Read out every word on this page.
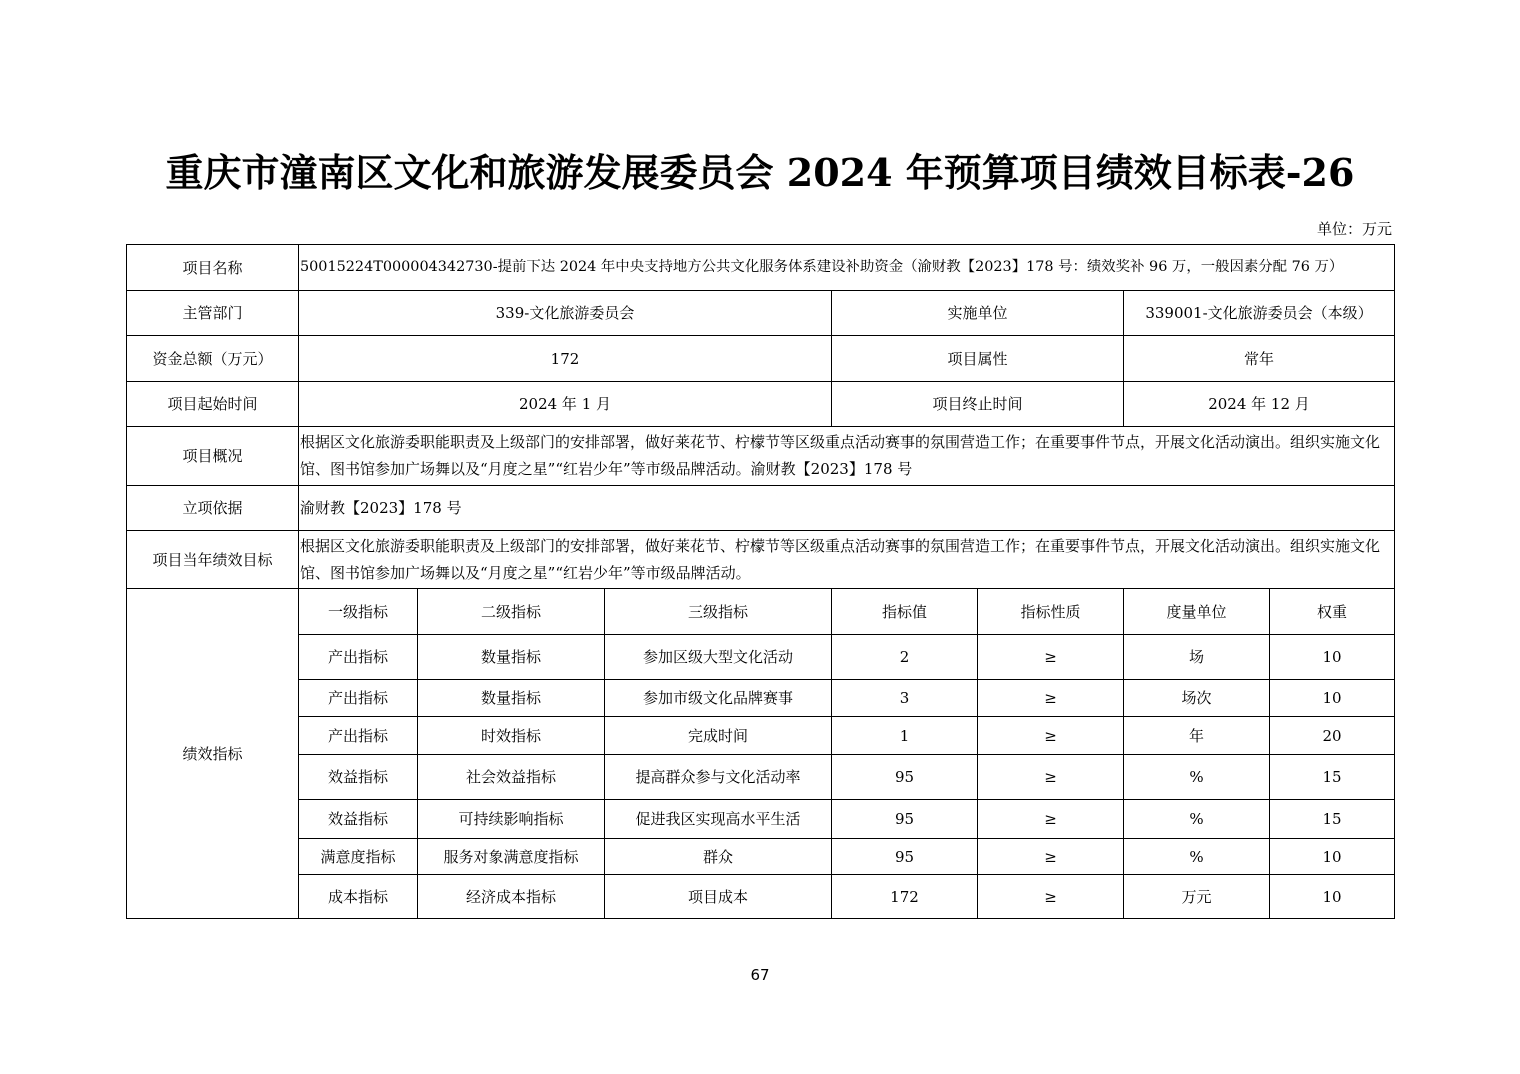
重庆市潼南区文化和旅游发展委员会 2024 年预算项目绩效目标表-26
单位：万元
项目名称	50015224T000004342730-提前下达 2024 年中央支持地方公共文化服务体系建设补助资金（渝财教【2023】178 号：绩效奖补 96 万，一般因素分配 76 万）						
主管部门	339-文化旅游委员会			实施单位		339001-文化旅游委员会（本级）	
资金总额（万元）	172			项目属性		常年	
项目起始时间	2024 年 1 月			项目终止时间		2024 年 12 月	
项目概况	根据区文化旅游委职能职责及上级部门的安排部署，做好莱花节、柠檬节等区级重点活动赛事的氛围营造工作；在重要事件节点，开展文化活动演出。组织实施文化馆、图书馆参加广场舞以及“月度之星”“红岩少年”等市级品牌活动。渝财教【2023】178 号						
立项依据	渝财教【2023】178 号						
项目当年绩效目标	根据区文化旅游委职能职责及上级部门的安排部署，做好莱花节、柠檬节等区级重点活动赛事的氛围营造工作；在重要事件节点，开展文化活动演出。组织实施文化馆、图书馆参加广场舞以及“月度之星”“红岩少年”等市级品牌活动。						
绩效指标	一级指标	二级指标	三级指标	指标值	指标性质	度量单位	权重
	产出指标	数量指标	参加区级大型文化活动	2	≥	场	10
	产出指标	数量指标	参加市级文化品牌赛事	3	≥	场次	10
	产出指标	时效指标	完成时间	1	≥	年	20
	效益指标	社会效益指标	提高群众参与文化活动率	95	≥	%	15
	效益指标	可持续影响指标	促进我区实现高水平生活	95	≥	%	15
	满意度指标	服务对象满意度指标	群众	95	≥	%	10
	成本指标	经济成本指标	项目成本	172	≥	万元	10
67
